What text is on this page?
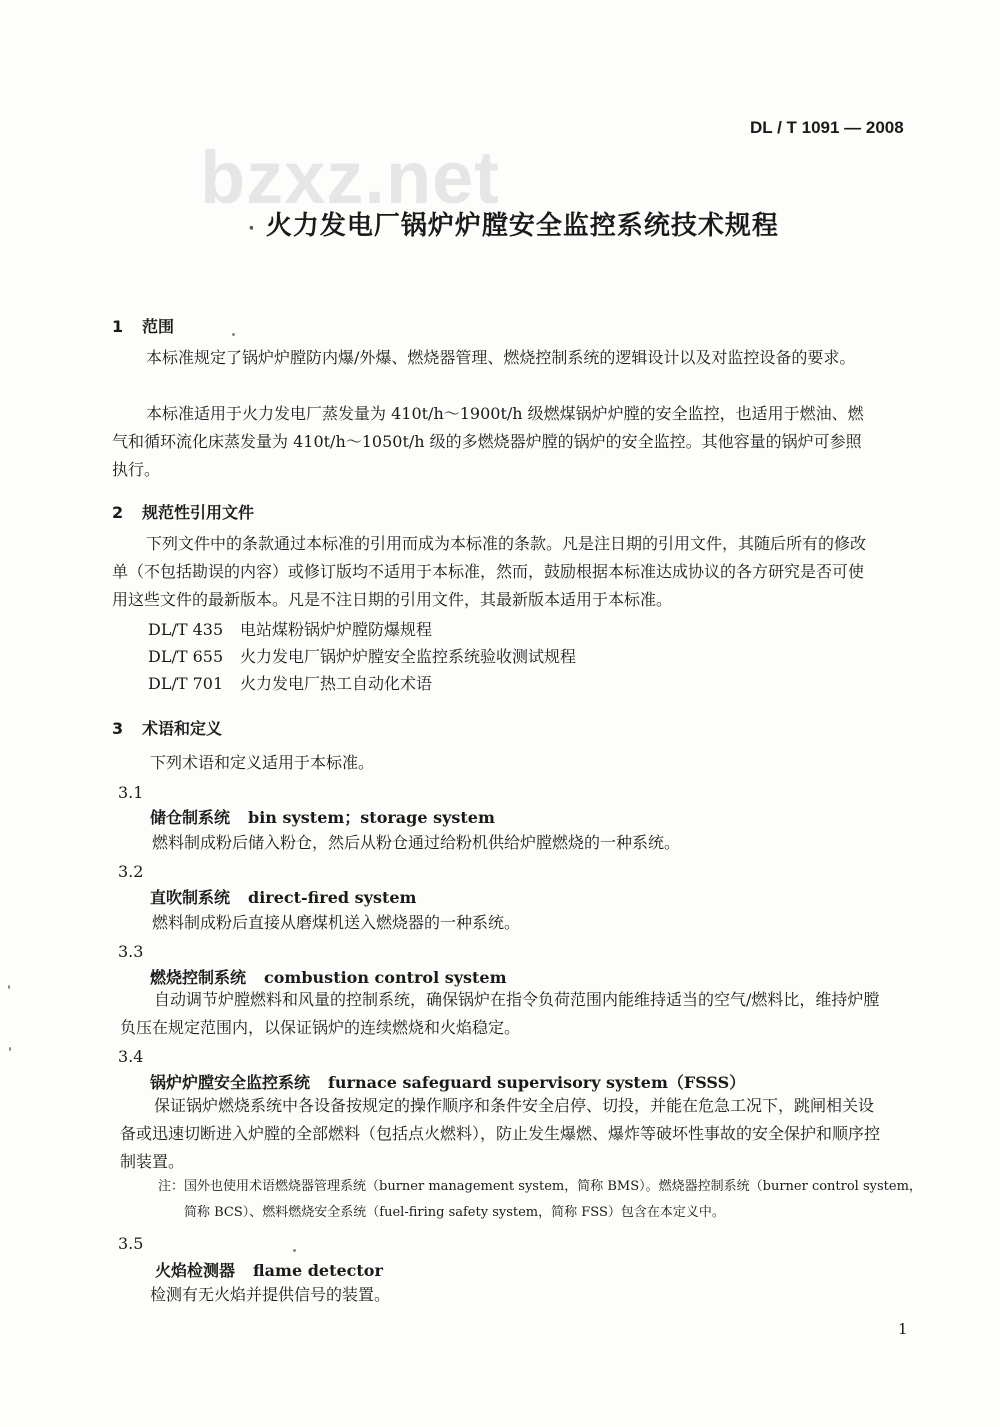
bzxz.net
DL / T 1091 — 2008
· 火力发电厂锅炉炉膛安全监控系统技术规程
1 范围
本标准规定了锅炉炉膛防内爆/外爆、燃烧器管理、燃烧控制系统的逻辑设计以及对监控设备的要求。
本标准适用于火力发电厂蒸发量为 410t/h～1900t/h 级燃煤锅炉炉膛的安全监控，也适用于燃油、燃气和循环流化床蒸发量为 410t/h～1050t/h 级的多燃烧器炉膛的锅炉的安全监控。其他容量的锅炉可参照执行。
2 规范性引用文件
下列文件中的条款通过本标准的引用而成为本标准的条款。凡是注日期的引用文件，其随后所有的修改单（不包括勘误的内容）或修订版均不适用于本标准，然而，鼓励根据本标准达成协议的各方研究是否可使用这些文件的最新版本。凡是不注日期的引用文件，其最新版本适用于本标准。
DL/T 435 电站煤粉锅炉炉膛防爆规程
DL/T 655 火力发电厂锅炉炉膛安全监控系统验收测试规程
DL/T 701 火力发电厂热工自动化术语
3 术语和定义
下列术语和定义适用于本标准。
3.1
储仓制系统 bin system；storage system
燃料制成粉后储入粉仓，然后从粉仓通过给粉机供给炉膛燃烧的一种系统。
3.2
直吹制系统 direct-fired system
燃料制成粉后直接从磨煤机送入燃烧器的一种系统。
3.3
燃烧控制系统 combustion control system
自动调节炉膛燃料和风量的控制系统，确保锅炉在指令负荷范围内能维持适当的空气/燃料比，维持炉膛负压在规定范围内，以保证锅炉的连续燃烧和火焰稳定。
3.4
锅炉炉膛安全监控系统 furnace safeguard supervisory system（FSSS）
保证锅炉燃烧系统中各设备按规定的操作顺序和条件安全启停、切投，并能在危急工况下，跳闸相关设备或迅速切断进入炉膛的全部燃料（包括点火燃料），防止发生爆燃、爆炸等破坏性事故的安全保护和顺序控制装置。
注：国外也使用术语燃烧器管理系统（burner management system，简称 BMS）。燃烧器控制系统（burner control system，
简称 BCS）、燃料燃烧安全系统（fuel-firing safety system，简称 FSS）包含在本定义中。
3.5
火焰检测器 flame detector
检测有无火焰并提供信号的装置。
1
